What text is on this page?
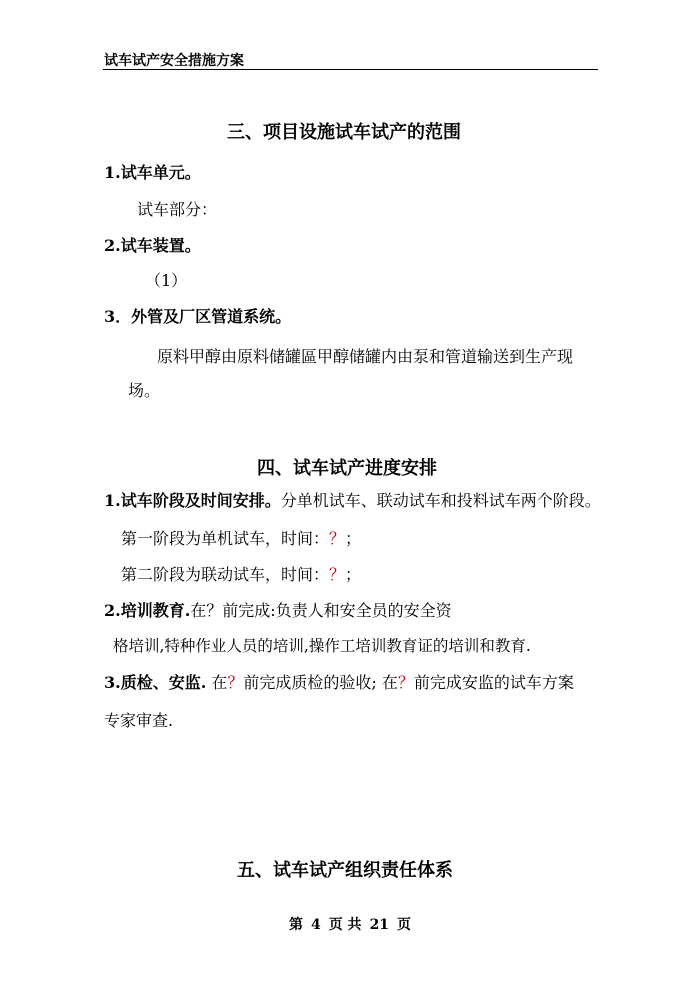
试车试产安全措施方案
三、项目设施试车试产的范围
1.试车单元。
试车部分：
2.试车装置。
（1）
3．外管及厂区管道系统。
原料甲醇由原料储罐區甲醇储罐内由泵和管道输送到生产现
场。
四、试车试产进度安排
1.试车阶段及时间安排。分单机试车、联动试车和投料试车两个阶段。
第一阶段为单机试车，时间：？；
第二阶段为联动试车，时间：？；
2.培训教育.在？前完成:负责人和安全员的安全资
格培训,特种作业人员的培训,操作工培训教育证的培训和教育.
3.质检、安监. 在？前完成质检的验收; 在？前完成安监的试车方案
专家审查.
五、试车试产组织责任体系
第 4 页 共 21 页
